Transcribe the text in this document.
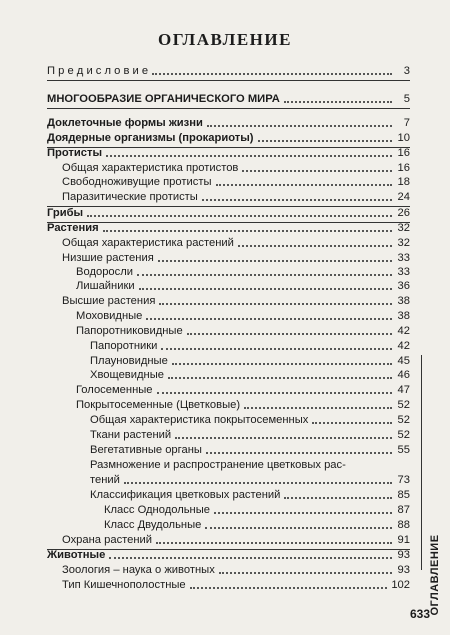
ОГЛАВЛЕНИЕ
П р е д и с л о в и е	3
МНОГООБРАЗИЕ ОРГАНИЧЕСКОГО МИРА	5
Доклеточные формы жизни	7
Доядерные организмы (прокариоты)	10
Протисты	16
Общая характеристика протистов	16
Свободноживущие протисты	18
Паразитические протисты	24
Грибы	26
Растения	32
Общая характеристика растений	32
Низшие растения	33
Водоросли	33
Лишайники	36
Высшие растения	38
Моховидные	38
Папоротниковидные	42
Папоротники	42
Плауновидные	45
Хвощевидные	46
Голосеменные	47
Покрытосеменные (Цветковые)	52
Общая характеристика покрытосеменных	52
Ткани растений	52
Вегетативные органы	55
Размножение и распространение цветковых рас-
тений	73
Классификация цветковых растений	85
Класс Однодольные	87
Класс Двудольные	88
Охрана растений	91
Животные	93
Зоология – наука о животных	93
Тип Кишечнополостные	102 ОГЛАВЛЕНИЕ
633
